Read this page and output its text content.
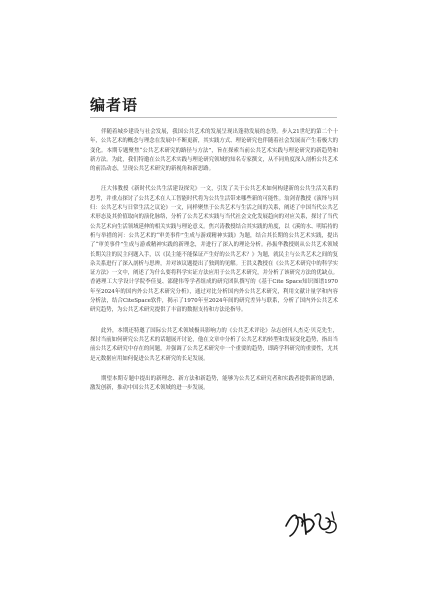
编者语

伴随着城乡建设与社会发展，我国公共艺术的发展呈现出蓬勃发展的态势。步入21世纪的第二个十年，公共艺术的概念与理念在发展中不断更新，其实践方式、理论研究也伴随着社会发展而产生着极大的变化。本期专题聚焦“公共艺术研究的路径与方法”，旨在探索当前公共艺术实践与理论研究的新趋势和新方法。为此，我们特邀在公共艺术实践与理论研究领域的知名专家撰文，从不同角度深入剖析公共艺术的前沿动态，呈现公共艺术研究的新视角和新思路。

汪大伟教授《新时代公共生活建设探究》一文，引发了关于公共艺术如何构建新的公共生活关系的思考，并重点探讨了公共艺术在人工智能时代将为公共生活带来哪些新的可能性。翁剑青教授《演绎与回归：公共艺术与日常生活之议论》一文，同样聚焦于公共艺术与生活之间的关系，阐述了中国当代公共艺术形态及其价值取向的演化脉络，分析了公共艺术实践与当代社会文化发展趋向的对应关系，探讨了当代公共艺术向生活领域延伸的相关实践与理论意义。焦兴涛教授结合其实践的角度，以《溪的水、明垢持的析与举措的河：公共艺术的“审美事件”生成与游戏精神实践》为题，结合其长期的公共艺术实践，提出了“审美事件”生成与游戏精神实践的新理念，并进行了深入的理论分析。孙振华教授则从公共艺术领域长期关注的民主问题入手，以《民主能不能保证产生好的公共艺术？》为题，就民主与公共艺术之间的复杂关系进行了深入剖析与思辨，并对该议题提出了独到的见解。王洪义教授在《公共艺术研究中的科学实证方法》一文中，阐述了为什么要将科学实证方法应用于公共艺术研究，并分析了该研究方法的优缺点。香港理工大学设计学院李佳曼、邵健伟等学者组成的研究团队撰写的《基于Cite Space知识图谱1970年至2024年的国内外公共艺术研究分析》，通过对比分析国内外公共艺术研究，利用文献计量学和内容分析法，结合CiteSpace软件，揭示了1970年至2024年间的研究差异与联系，分析了国内外公共艺术研究趋势，为公共艺术研究提供了丰富的数据支持和方法论指导。

此外，本期还特邀了国际公共艺术领域极具影响力的《公共艺术评论》杂志创刊人杰克·贝克先生，探讨当前如何研究公共艺术的话题展开讨论，他在文章中分析了公共艺术的转型和发展变化趋势，指出当前公共艺术研究中存在的问题，并强调了公共艺术研究中一个重要的趋势，即跨学科研究的重要性，尤其是元数据应用如何促进公共艺术研究的长足发展。

期望本期专题中提出的新理念、新方法和新趋势，能够为公共艺术研究者和实践者提供新的思路，激发创新，推动中国公共艺术领域的进一步发展。
